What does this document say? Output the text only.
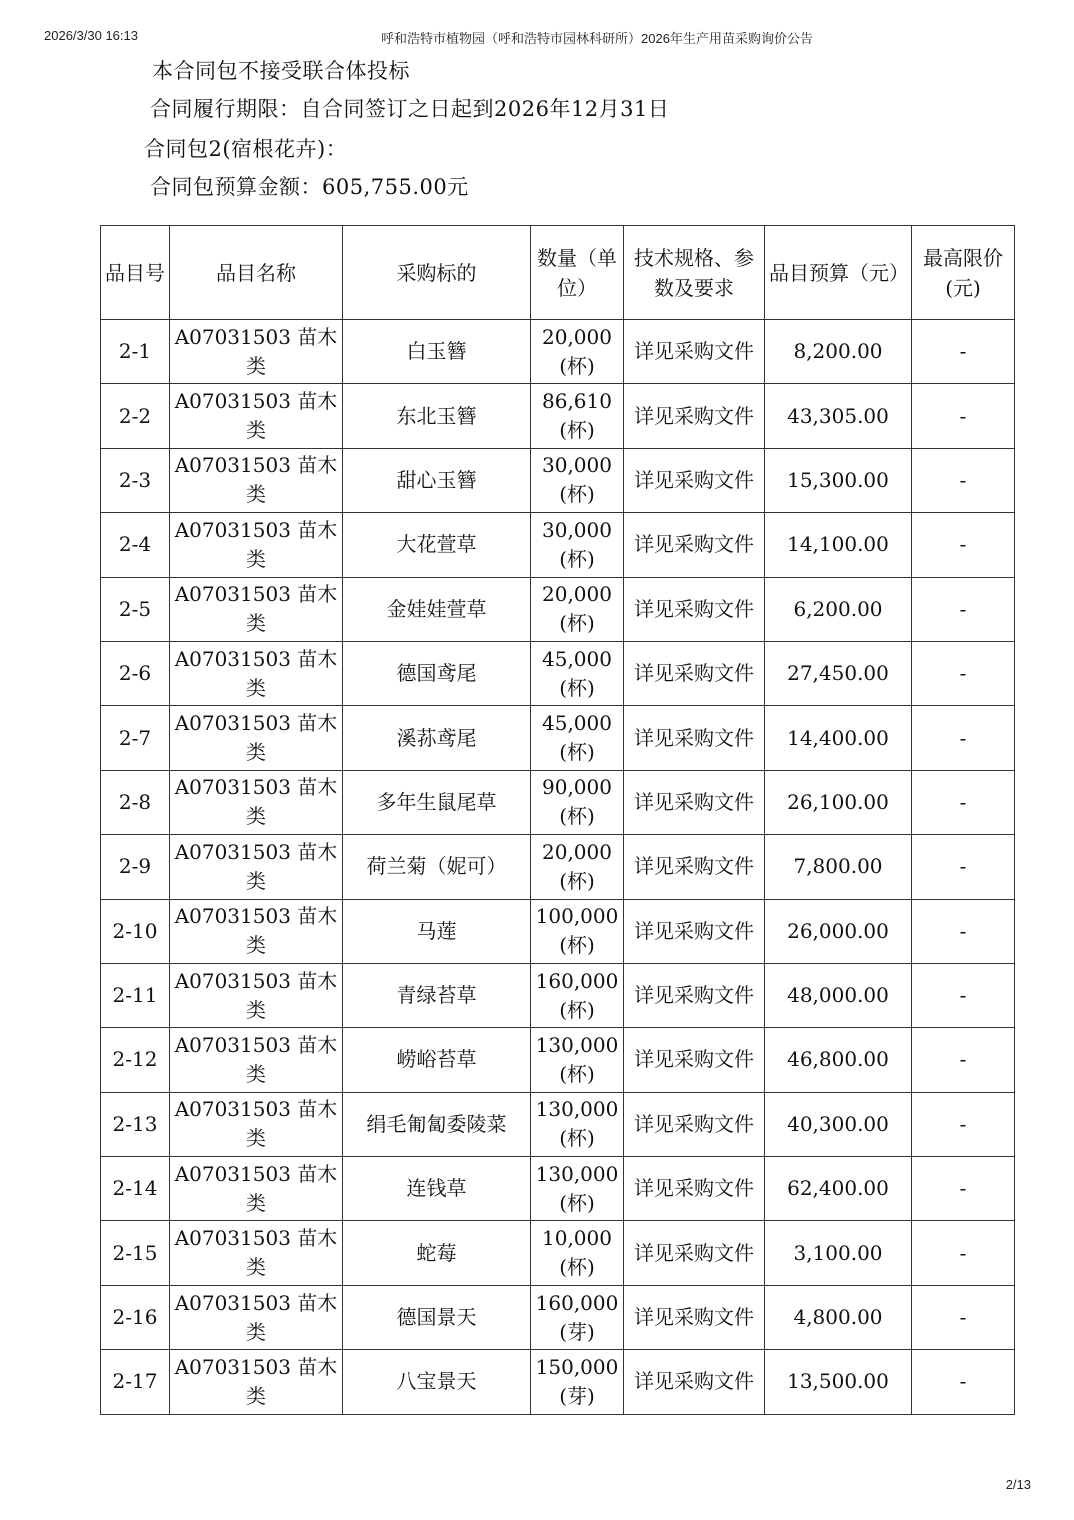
2026/3/30 16:13	呼和浩特市植物园（呼和浩特市园林科研所）2026年生产用苗采购询价公告
本合同包不接受联合体投标
合同履行期限：自合同签订之日起到2026年12月31日
合同包2(宿根花卉)：
合同包预算金额：605,755.00元
品目号	品目名称	采购标的	数量（单位）	技术规格、参数及要求	品目预算（元）	最高限价(元)
2-1	A07031503 苗木类	白玉簪	20,000(杯)	详见采购文件	8,200.00	-
2-2	A07031503 苗木类	东北玉簪	86,610(杯)	详见采购文件	43,305.00	-
2-3	A07031503 苗木类	甜心玉簪	30,000(杯)	详见采购文件	15,300.00	-
2-4	A07031503 苗木类	大花萱草	30,000(杯)	详见采购文件	14,100.00	-
2-5	A07031503 苗木类	金娃娃萱草	20,000(杯)	详见采购文件	6,200.00	-
2-6	A07031503 苗木类	德国鸢尾	45,000(杯)	详见采购文件	27,450.00	-
2-7	A07031503 苗木类	溪荪鸢尾	45,000(杯)	详见采购文件	14,400.00	-
2-8	A07031503 苗木类	多年生鼠尾草	90,000(杯)	详见采购文件	26,100.00	-
2-9	A07031503 苗木类	荷兰菊（妮可）	20,000(杯)	详见采购文件	7,800.00	-
2-10	A07031503 苗木类	马莲	100,000(杯)	详见采购文件	26,000.00	-
2-11	A07031503 苗木类	青绿苔草	160,000(杯)	详见采购文件	48,000.00	-
2-12	A07031503 苗木类	崂峪苔草	130,000(杯)	详见采购文件	46,800.00	-
2-13	A07031503 苗木类	绢毛匍匐委陵菜	130,000(杯)	详见采购文件	40,300.00	-
2-14	A07031503 苗木类	连钱草	130,000(杯)	详见采购文件	62,400.00	-
2-15	A07031503 苗木类	蛇莓	10,000(杯)	详见采购文件	3,100.00	-
2-16	A07031503 苗木类	德国景天	160,000(芽)	详见采购文件	4,800.00	-
2-17	A07031503 苗木类	八宝景天	150,000(芽)	详见采购文件	13,500.00	-
2/13
